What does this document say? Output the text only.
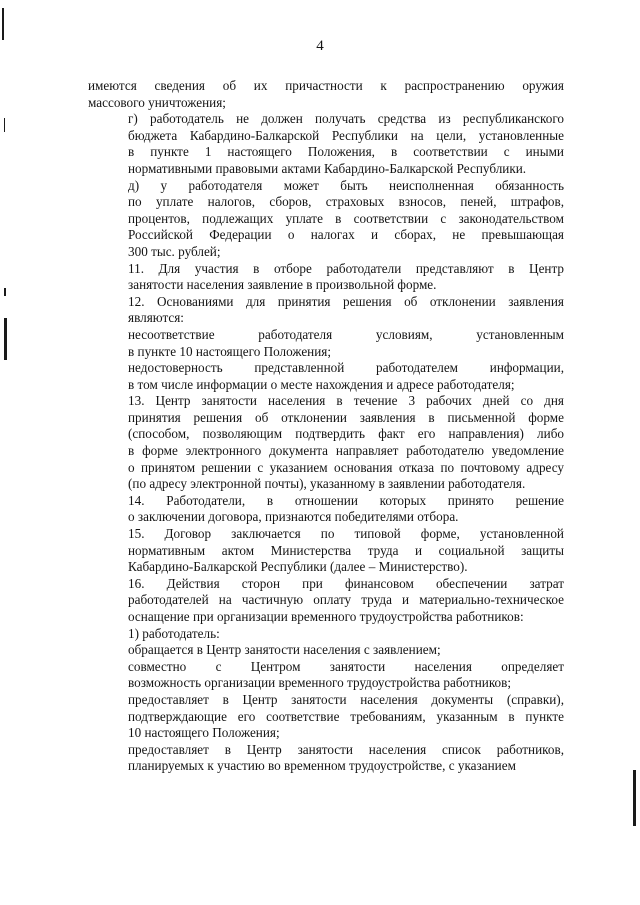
4

имеются сведения об их причастности к распространению оружия
массового уничтожения;

г) работодатель не должен получать средства из республиканского
бюджета Кабардино-Балкарской Республики на цели, установленные
в пункте 1 настоящего Положения, в соответствии с иными
нормативными правовыми актами Кабардино-Балкарской Республики.

д) у работодателя может быть неисполненная обязанность
по уплате налогов, сборов, страховых взносов, пеней, штрафов,
процентов, подлежащих уплате в соответствии с законодательством
Российской Федерации о налогах и сборах, не превышающая
300 тыс. рублей;

11. Для участия в отборе работодатели представляют в Центр
занятости населения заявление в произвольной форме.

12. Основаниями для принятия решения об отклонении заявления
являются:

несоответствие работодателя условиям, установленным
в пункте 10 настоящего Положения;

недостоверность представленной работодателем информации,
в том числе информации о месте нахождения и адресе работодателя;

13. Центр занятости населения в течение 3 рабочих дней со дня
принятия решения об отклонении заявления в письменной форме
(способом, позволяющим подтвердить факт его направления) либо
в форме электронного документа направляет работодателю уведомление
о принятом решении с указанием основания отказа по почтовому адресу
(по адресу электронной почты), указанному в заявлении работодателя.

14. Работодатели, в отношении которых принято решение
о заключении договора, признаются победителями отбора.

15. Договор заключается по типовой форме, установленной
нормативным актом Министерства труда и социальной защиты
Кабардино-Балкарской Республики (далее – Министерство).

16. Действия сторон при финансовом обеспечении затрат
работодателей на частичную оплату труда и материально-техническое
оснащение при организации временного трудоустройства работников:

1) работодатель:

обращается в Центр занятости населения с заявлением;

совместно с Центром занятости населения определяет
возможность организации временного трудоустройства работников;

предоставляет в Центр занятости населения документы (справки),
подтверждающие его соответствие требованиям, указанным в пункте
10 настоящего Положения;

предоставляет в Центр занятости населения список работников,
планируемых к участию во временном трудоустройстве, с указанием
